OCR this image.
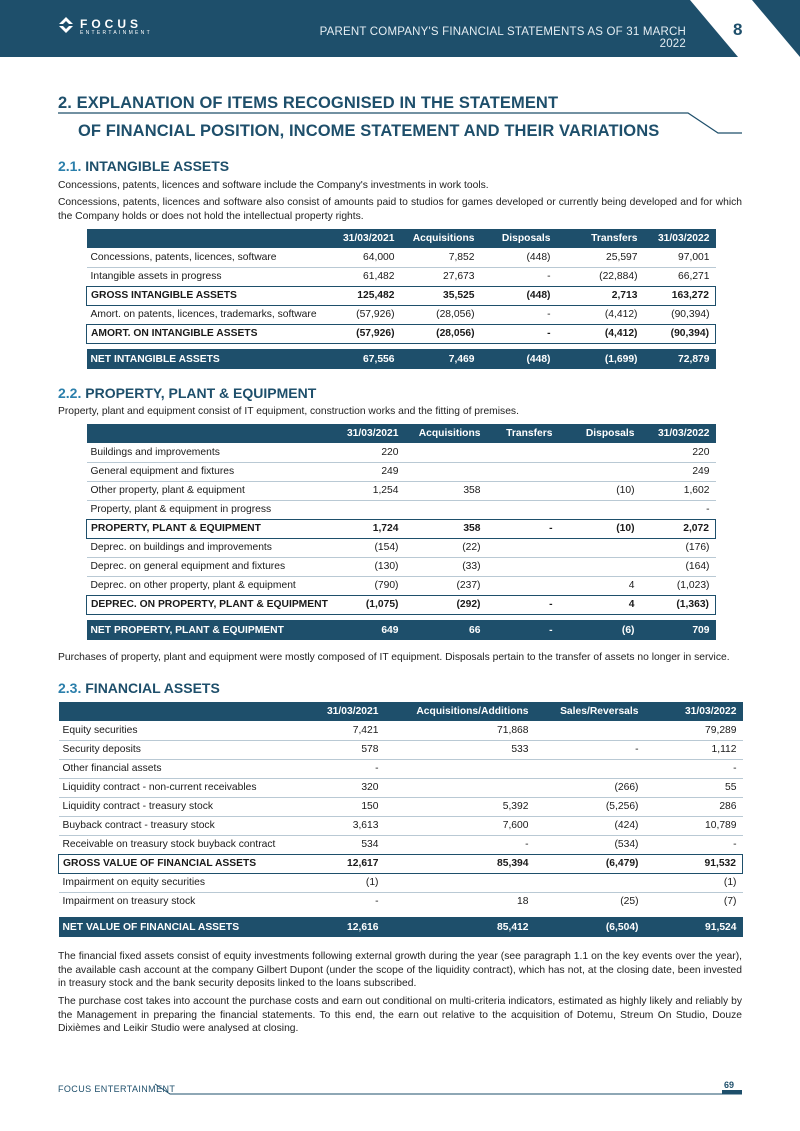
FOCUS
ENTERTAINMENT	PARENT COMPANY'S FINANCIAL STATEMENTS AS OF 31 MARCH 2022
8
2. EXPLANATION OF ITEMS RECOGNISED IN THE STATEMENT
OF FINANCIAL POSITION, INCOME STATEMENT AND THEIR VARIATIONS
2.1. INTANGIBLE ASSETS
Concessions, patents, licences and software include the Company's investments in work tools.
Concessions, patents, licences and software also consist of amounts paid to studios for games developed or currently being developed and for which the Company holds or does not hold the intellectual property rights.
	31/03/2021	Acquisitions	Disposals	Transfers	31/03/2022
Concessions, patents, licences, software	64,000	7,852	(448)	25,597	97,001
Intangible assets in progress	61,482	27,673	-	(22,884)	66,271
GROSS INTANGIBLE ASSETS	125,482	35,525	(448)	2,713	163,272
Amort. on patents, licences, trademarks, software	(57,926)	(28,056)	-	(4,412)	(90,394)
AMORT. ON INTANGIBLE ASSETS	(57,926)	(28,056)	-	(4,412)	(90,394)

NET INTANGIBLE ASSETS	67,556	7,469	(448)	(1,699)	72,879
2.2. PROPERTY, PLANT & EQUIPMENT
Property, plant and equipment consist of IT equipment, construction works and the fitting of premises.
	31/03/2021	Acquisitions	Transfers	Disposals	31/03/2022
Buildings and improvements	220				220
General equipment and fixtures	249				249
Other property, plant & equipment	1,254	358		(10)	1,602
Property, plant & equipment in progress					-
PROPERTY, PLANT & EQUIPMENT	1,724	358	-	(10)	2,072
Deprec. on buildings and improvements	(154)	(22)			(176)
Deprec. on general equipment and fixtures	(130)	(33)			(164)
Deprec. on other property, plant & equipment	(790)	(237)		4	(1,023)
DEPREC. ON PROPERTY, PLANT & EQUIPMENT	(1,075)	(292)	-	4	(1,363)

NET PROPERTY, PLANT & EQUIPMENT	649	66	-	(6)	709
Purchases of property, plant and equipment were mostly composed of IT equipment. Disposals pertain to the transfer of assets no longer in service.
2.3. FINANCIAL ASSETS
	31/03/2021	Acquisitions/Additions	Sales/Reversals	31/03/2022
Equity securities	7,421	71,868		79,289
Security deposits	578	533	-	1,112
Other financial assets	-			-
Liquidity contract - non-current receivables	320		(266)	55
Liquidity contract - treasury stock	150	5,392	(5,256)	286
Buyback contract - treasury stock	3,613	7,600	(424)	10,789
Receivable on treasury stock buyback contract	534	-	(534)	-
GROSS VALUE OF FINANCIAL ASSETS	12,617	85,394	(6,479)	91,532
Impairment on equity securities	(1)			(1)
Impairment on treasury stock	-	18	(25)	(7)

NET VALUE OF FINANCIAL ASSETS	12,616	85,412	(6,504)	91,524
The financial fixed assets consist of equity investments following external growth during the year (see paragraph 1.1 on the key events over the year), the available cash account at the company Gilbert Dupont (under the scope of the liquidity contract), which has not, at the closing date, been invested in treasury stock and the bank security deposits linked to the loans subscribed.
The purchase cost takes into account the purchase costs and earn out conditional on multi-criteria indicators, estimated as highly likely and reliably by the Management in preparing the financial statements. To this end, the earn out relative to the acquisition of Dotemu, Streum On Studio, Douze Dixièmes and Leikir Studio were analysed at closing.
FOCUS ENTERTAINMENT	69
